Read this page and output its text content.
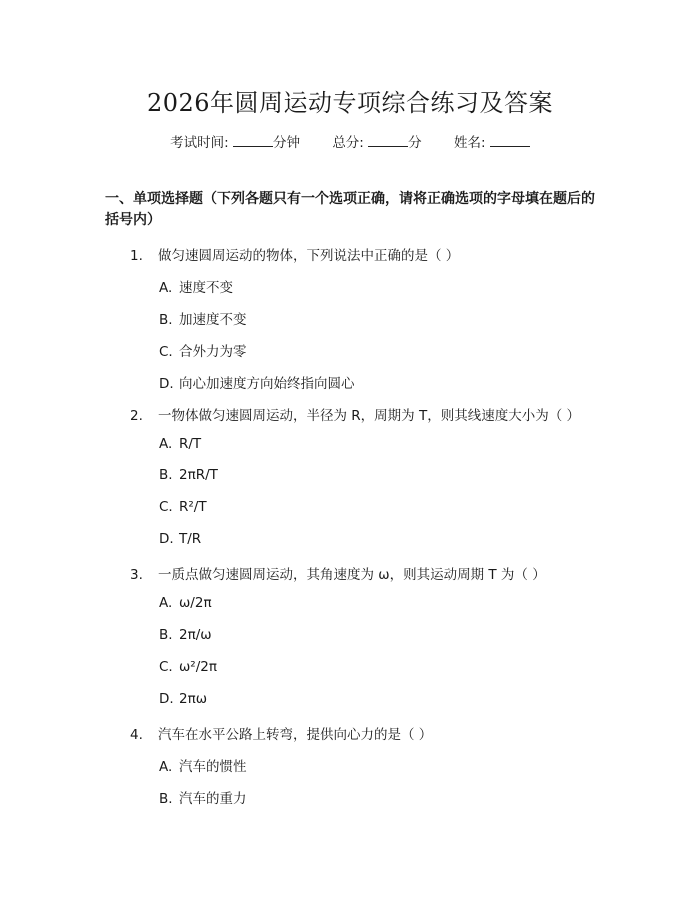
2026年圆周运动专项综合练习及答案
考试时间:	分钟 总分:	分 姓名:
一、单项选择题（下列各题只有一个选项正确，请将正确选项的字母填在题后的括号内）
1. 做匀速圆周运动的物体，下列说法中正确的是（ ）
A. 速度不变
B. 加速度不变
C. 合外力为零
D. 向心加速度方向始终指向圆心
2. 一物体做匀速圆周运动，半径为 R，周期为 T，则其线速度大小为（ ）
A. R/T
B. 2πR/T
C. R²/T
D. T/R
3. 一质点做匀速圆周运动，其角速度为 ω，则其运动周期 T 为（ ）
A. ω/2π
B. 2π/ω
C. ω²/2π
D. 2πω
4. 汽车在水平公路上转弯，提供向心力的是（ ）
A. 汽车的惯性
B. 汽车的重力
